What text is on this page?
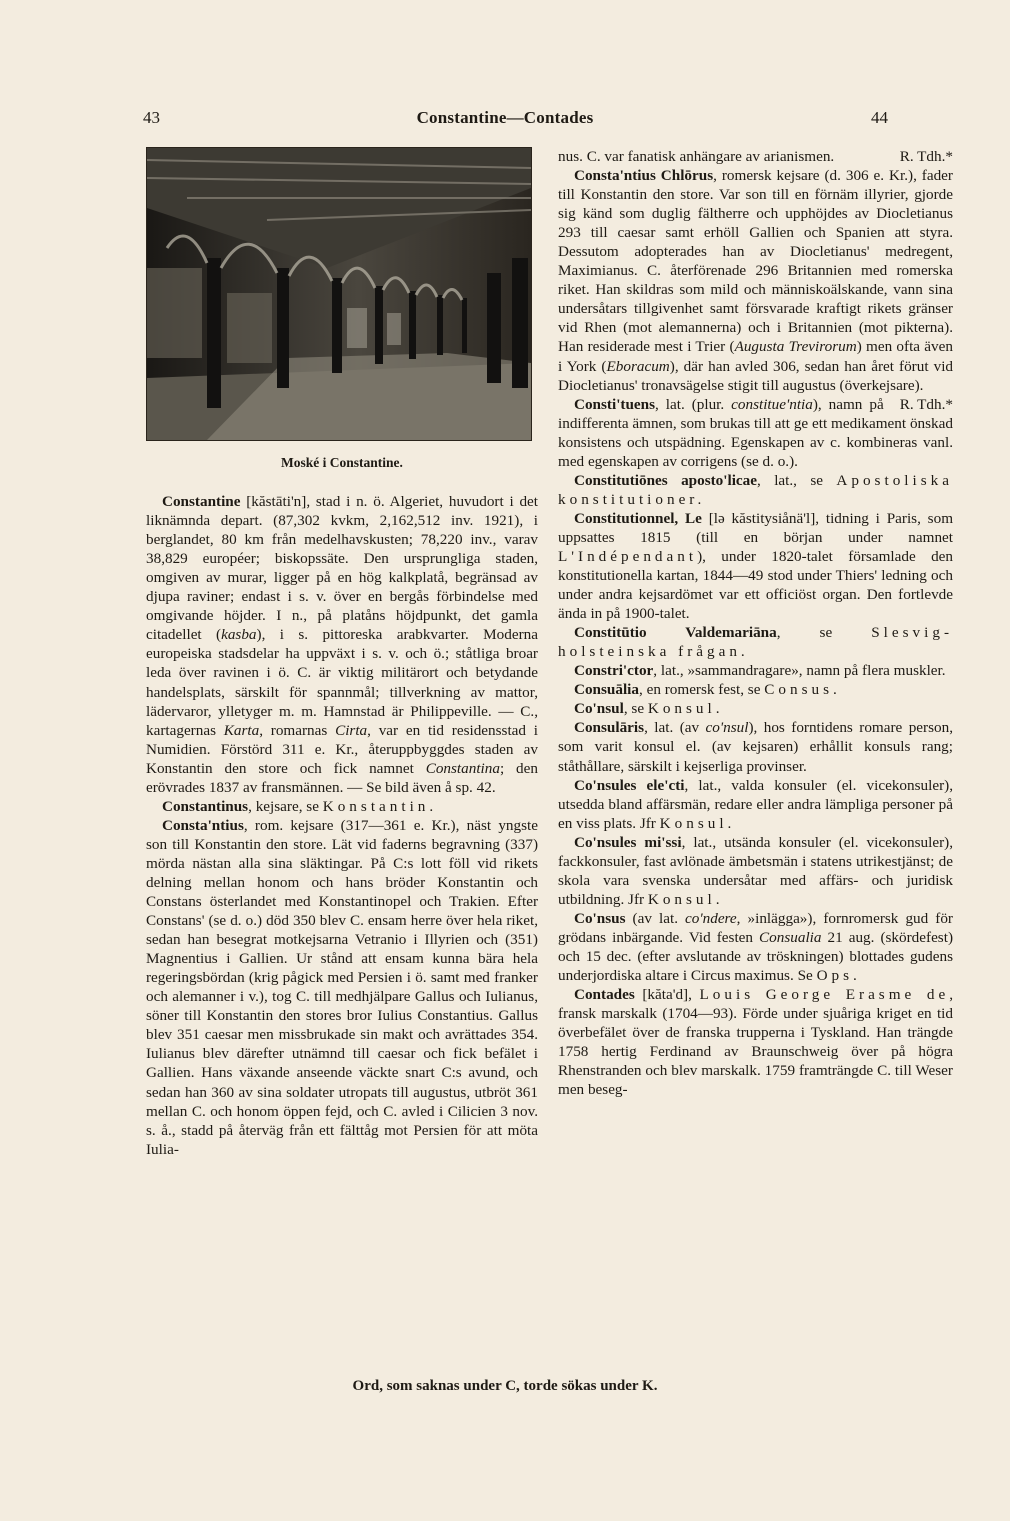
43	Constantine—Contades	44
Moské i Constantine.

Constantine [kăstāti'n], stad i n. ö. Algeriet, huvudort i det liknämnda depart. (87,302 kvkm, 2,162,512 inv. 1921), i berglandet, 80 km från medelhavskusten; 78,220 inv., varav 38,829 européer; biskopssäte. Den ursprungliga staden, omgiven av murar, ligger på en hög kalkplatå, begränsad av djupa raviner; endast i s. v. över en bergås förbindelse med omgivande höjder. I n., på platåns höjdpunkt, det gamla citadellet (kasba), i s. pittoreska arabkvarter. Moderna europeiska stadsdelar ha uppväxt i s. v. och ö.; ståtliga broar leda över ravinen i ö. C. är viktig militärort och betydande handelsplats, särskilt för spannmål; tillverkning av mattor, lädervaror, ylletyger m. m. Hamnstad är Philippeville. — C., kartagernas Karta, romarnas Cirta, var en tid residensstad i Numidien. Förstörd 311 e. Kr., återuppbyggdes staden av Konstantin den store och fick namnet Constantina; den erövrades 1837 av fransmännen. — Se bild även å sp. 42.

Constantinus, kejsare, se Konstantin.

Consta'ntius, rom. kejsare (317—361 e. Kr.), näst yngste son till Konstantin den store. Lät vid faderns begravning (337) mörda nästan alla sina släktingar. På C:s lott föll vid rikets delning mellan honom och hans bröder Konstantin och Constans österlandet med Konstantinopel och Trakien. Efter Constans' (se d. o.) död 350 blev C. ensam herre över hela riket, sedan han besegrat motkejsarna Vetranio i Illyrien och (351) Magnentius i Gallien. Ur stånd att ensam kunna bära hela regeringsbördan (krig pågick med Persien i ö. samt med franker och alemanner i v.), tog C. till medhjälpare Gallus och Iulianus, söner till Konstantin den stores bror Iulius Constantius. Gallus blev 351 caesar men missbrukade sin makt och avrättades 354. Iulianus blev därefter utnämnd till caesar och fick befälet i Gallien. Hans växande anseende väckte snart C:s avund, och sedan han 360 av sina soldater utropats till augustus, utbröt 361 mellan C. och honom öppen fejd, och C. avled i Cilicien 3 nov. s. å., stadd på återväg från ett fälttåg mot Persien för att möta Iulia-

nus. C. var fanatisk anhängare av arianismen.	R. Tdh.*

Consta'ntius Chlōrus, romersk kejsare (d. 306 e. Kr.), fader till Konstantin den store. Var son till en förnäm illyrier, gjorde sig känd som duglig fältherre och upphöjdes av Diocletianus 293 till caesar samt erhöll Gallien och Spanien att styra. Dessutom adopterades han av Diocletianus' medregent, Maximianus. C. återförenade 296 Britannien med romerska riket. Han skildras som mild och människoälskande, vann sina undersåtars tillgivenhet samt försvarade kraftigt rikets gränser vid Rhen (mot alemannerna) och i Britannien (mot pikterna). Han residerade mest i Trier (Augusta Trevirorum) men ofta även i York (Eboracum), där han avled 306, sedan han året förut vid Diocletianus' tronavsägelse stigit till augustus (överkejsare).
R. Tdh.*

Consti'tuens, lat. (plur. constitue'ntia), namn på indifferenta ämnen, som brukas till att ge ett medikament önskad konsistens och utspädning. Egenskapen av c. kombineras vanl. med egenskapen av corrigens (se d. o.).

Constitutiōnes aposto'licae, lat., se Apostoliska konstitutioner.

Constitutionnel, Le [lə kăstitysiånä'l], tidning i Paris, som uppsattes 1815 (till en början under namnet L'Indépendant), under 1820-talet församlade den konstitutionella kartan, 1844—49 stod under Thiers' ledning och under andra kejsardömet var ett officiöst organ. Den fortlevde ända in på 1900-talet.

Constitūtio Valdemariāna, se Slesvig-holsteinska frågan.

Constri'ctor, lat., »sammandragare», namn på flera muskler.

Consuālia, en romersk fest, se Consus.

Co'nsul, se Konsul.

Consulāris, lat. (av co'nsul), hos forntidens romare person, som varit konsul el. (av kejsaren) erhållit konsuls rang; ståthållare, särskilt i kejserliga provinser.

Co'nsules ele'cti, lat., valda konsuler (el. vicekonsuler), utsedda bland affärsmän, redare eller andra lämpliga personer på en viss plats. Jfr Konsul.

Co'nsules mi'ssi, lat., utsända konsuler (el. vicekonsuler), fackkonsuler, fast avlönade ämbetsmän i statens utrikestjänst; de skola vara svenska undersåtar med affärs- och juridisk utbildning. Jfr Konsul.

Co'nsus (av lat. co'ndere, »inlägga»), fornromersk gud för grödans inbärgande. Vid festen Consualia 21 aug. (skördefest) och 15 dec. (efter avslutande av tröskningen) blottades gudens underjordiska altare i Circus maximus. Se Ops.

Contades [kăta'd], Louis George Erasme de, fransk marskalk (1704—93). Förde under sjuåriga kriget en tid överbefälet över de franska trupperna i Tyskland. Han trängde 1758 hertig Ferdinand av Braunschweig över på högra Rhenstranden och blev marskalk. 1759 framträngde C. till Weser men beseg-

Ord, som saknas under C, torde sökas under K.
